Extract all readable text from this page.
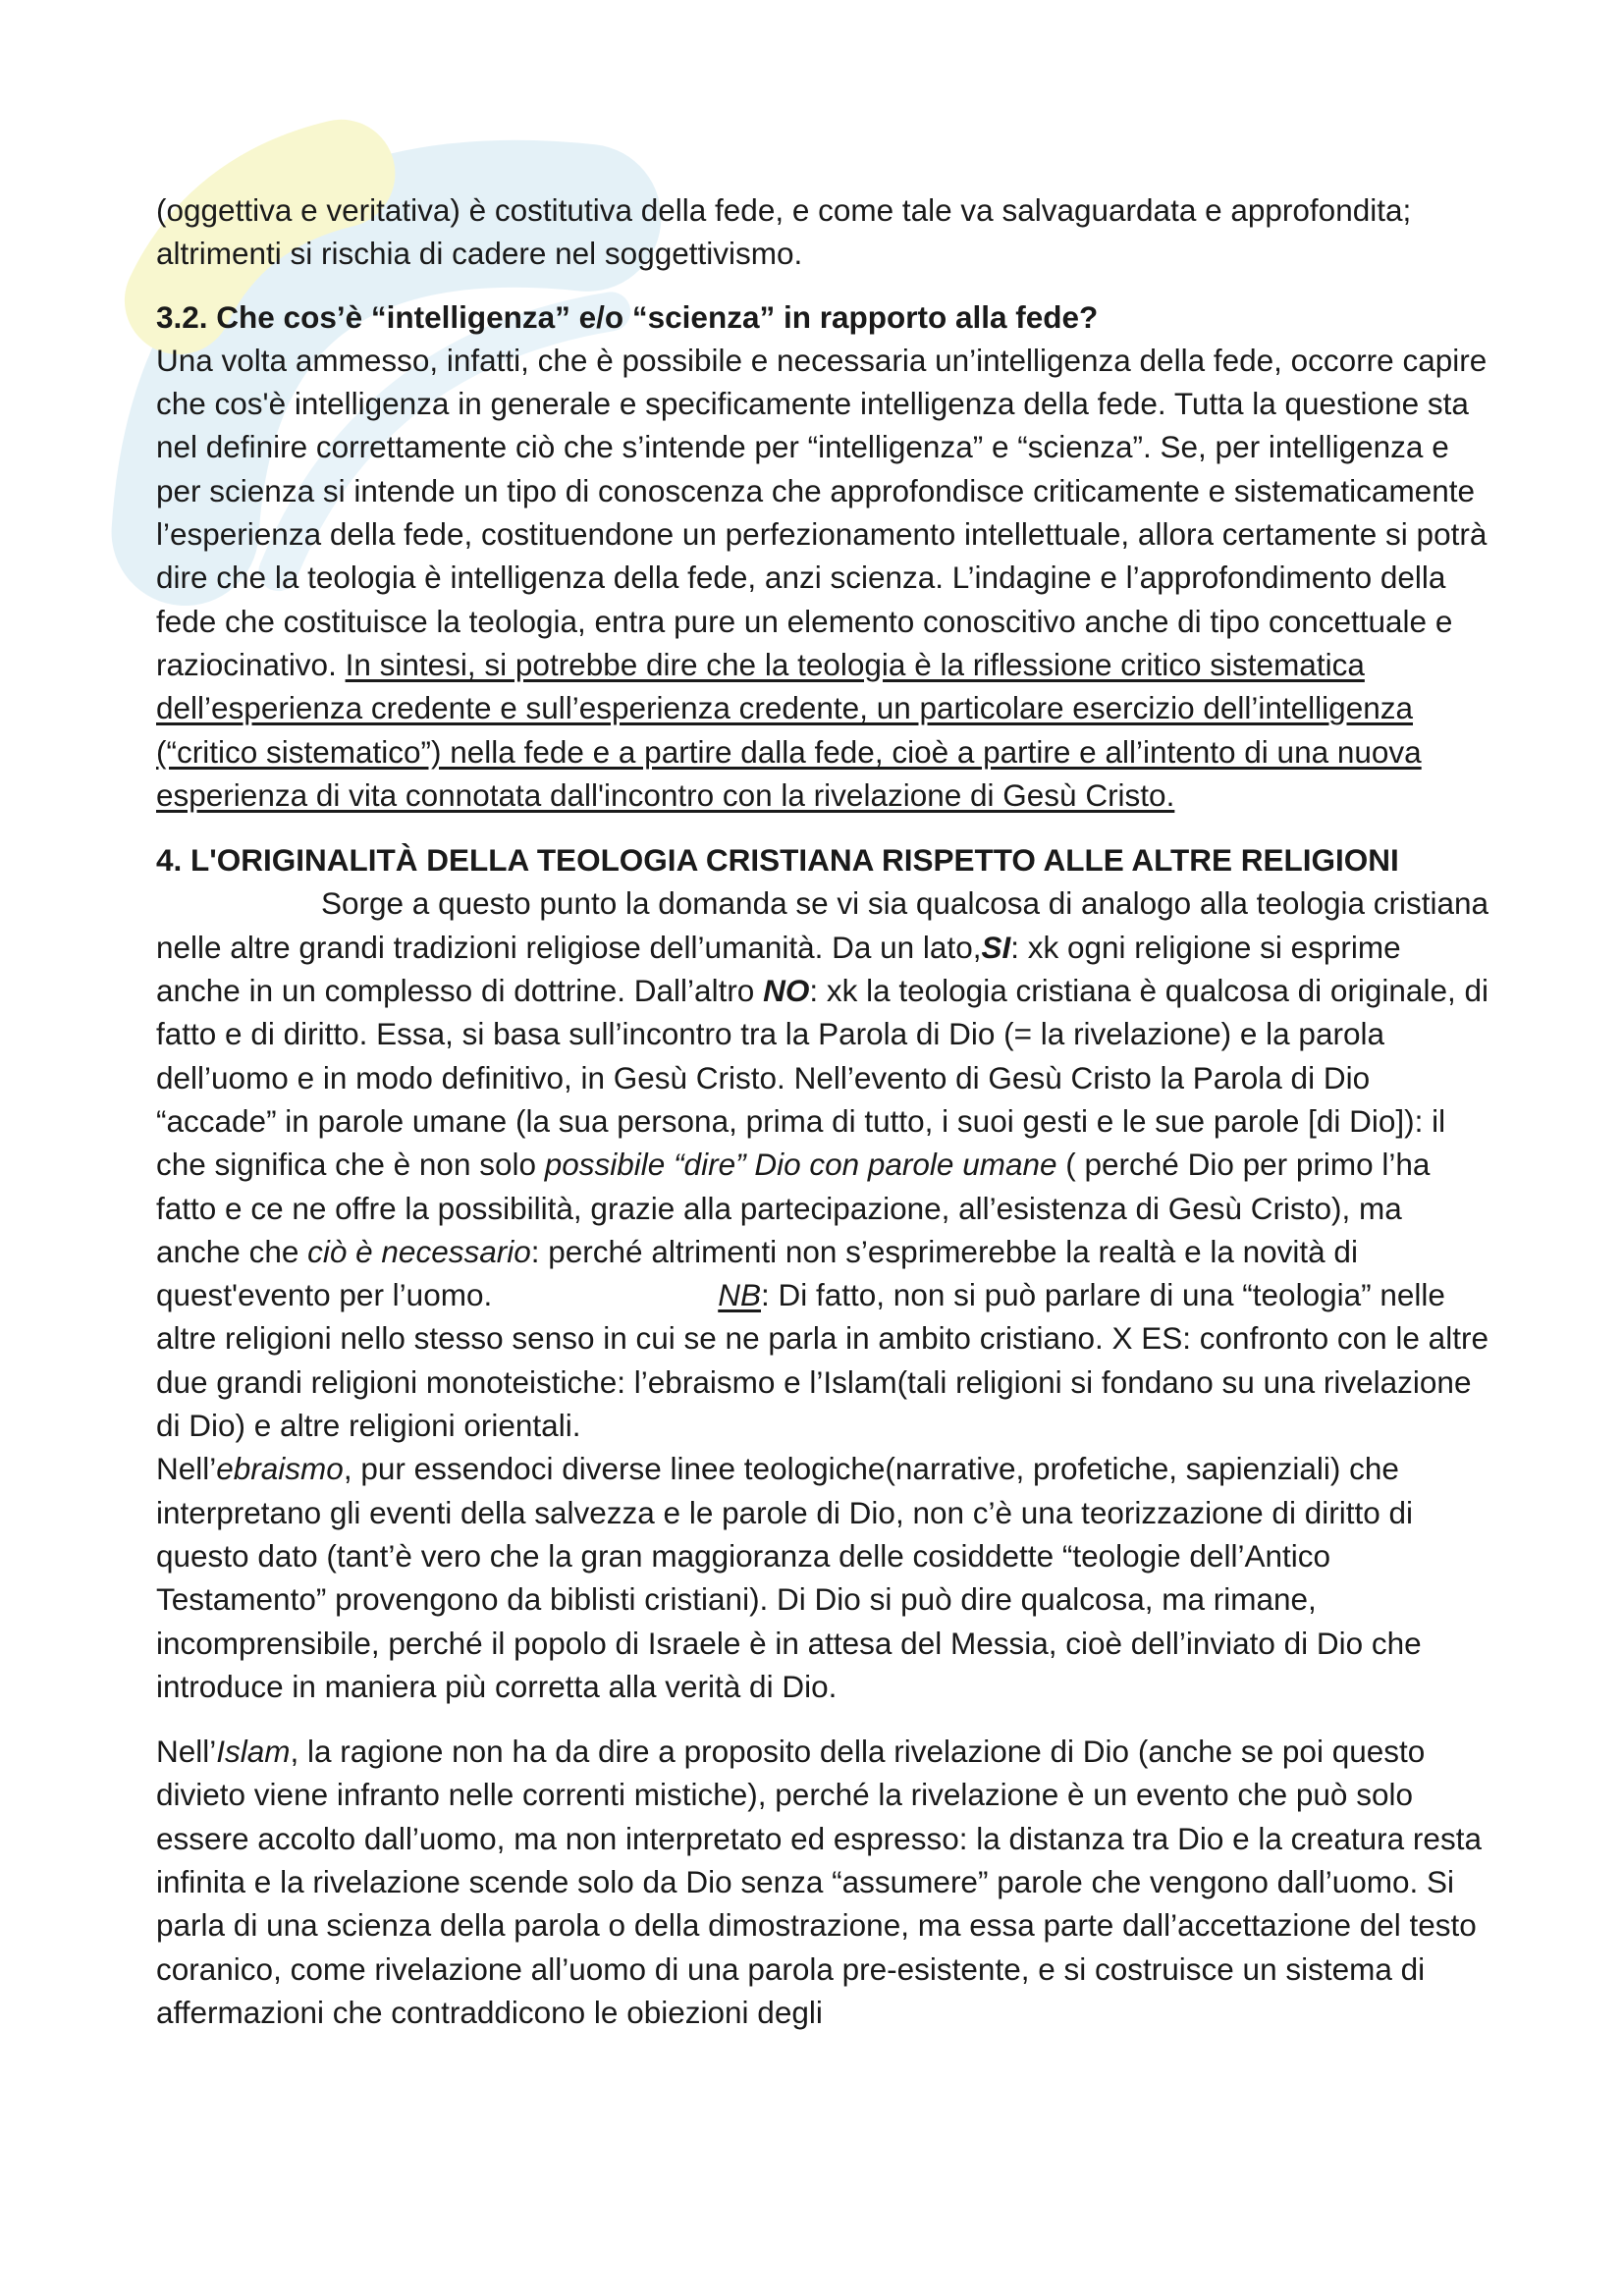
(oggettiva e veritativa) è costitutiva della fede, e come tale va salvaguardata e approfondita; altrimenti si rischia di cadere nel soggettivismo.

3.2. Che cos’è “intelligenza” e/o “scienza” in rapporto alla fede?

Una volta ammesso, infatti, che è possibile e necessaria un’intelligenza della fede, occorre capire che cos'è intelligenza in generale e specificamente intelligenza della fede. Tutta la questione sta nel definire correttamente ciò che s’intende per “intelligenza” e “scienza”. Se, per intelligenza e per scienza si intende un tipo di conoscenza che approfondisce criticamente e sistematicamente l’esperienza della fede, costituendone un perfezionamento intellettuale, allora certamente si potrà dire che la teologia è intelligenza della fede, anzi scienza. L’indagine e l’approfondimento della fede che costituisce la teologia, entra pure un elemento conoscitivo anche di tipo concettuale e raziocinativo. In sintesi, si potrebbe dire che la teologia è la riflessione critico sistematica dell’esperienza credente e sull’esperienza credente, un particolare esercizio dell’intelligenza (“critico sistematico”) nella fede e a partire dalla fede, cioè a partire e all’intento di una nuova esperienza di vita connotata dall'incontro con la rivelazione di Gesù Cristo.

4. L'ORIGINALITÀ DELLA TEOLOGIA CRISTIANA RISPETTO ALLE ALTRE RELIGIONISorge a questo punto la domanda se vi sia qualcosa di analogo alla teologia cristiana nelle altre grandi tradizioni religiose dell’umanità. Da un lato,SI: xk ogni religione si esprime anche in un complesso di dottrine. Dall’altro NO: xk la teologia cristiana è qualcosa di originale, di fatto e di diritto. Essa, si basa sull’incontro tra la Parola di Dio (= la rivelazione) e la parola dell’uomo e in modo definitivo, in Gesù Cristo. Nell’evento di Gesù Cristo la Parola di Dio “accade” in parole umane (la sua persona, prima di tutto, i suoi gesti e le sue parole [di Dio]): il che significa che è non solo possibile “dire” Dio con parole umane ( perché Dio per primo l’ha fatto e ce ne offre la possibilità, grazie alla partecipazione, all’esistenza di Gesù Cristo), ma anche che ciò è necessario: perché altrimenti non s’esprimerebbe la realtà e la novità di quest'evento per l’uomo.	NB: Di fatto, non si può parlare di una “teologia” nelle altre religioni nello stesso senso in cui se ne parla in ambito cristiano. X ES: confronto con le altre due grandi religioni monoteistiche: l’ebraismo e l’Islam(tali religioni si fondano su una rivelazione di Dio) e altre religioni orientali.

Nell’ebraismo, pur essendoci diverse linee teologiche(narrative, profetiche, sapienziali) che interpretano gli eventi della salvezza e le parole di Dio, non c’è una teorizzazione di diritto di questo dato (tant’è vero che la gran maggioranza delle cosiddette “teologie dell’Antico Testamento” provengono da biblisti cristiani). Di Dio si può dire qualcosa, ma rimane, incomprensibile, perché il popolo di Israele è in attesa del Messia, cioè dell’inviato di Dio che introduce in maniera più corretta alla verità di Dio.

Nell’Islam, la ragione non ha da dire a proposito della rivelazione di Dio (anche se poi questo divieto viene infranto nelle correnti mistiche), perché la rivelazione è un evento che può solo essere accolto dall’uomo, ma non interpretato ed espresso: la distanza tra Dio e la creatura resta infinita e la rivelazione scende solo da Dio senza “assumere” parole che vengono dall’uomo. Si parla di una scienza della parola o della dimostrazione, ma essa parte dall’accettazione del testo coranico, come rivelazione all’uomo di una parola pre-esistente, e si costruisce un sistema di affermazioni che contraddicono le obiezioni degli
